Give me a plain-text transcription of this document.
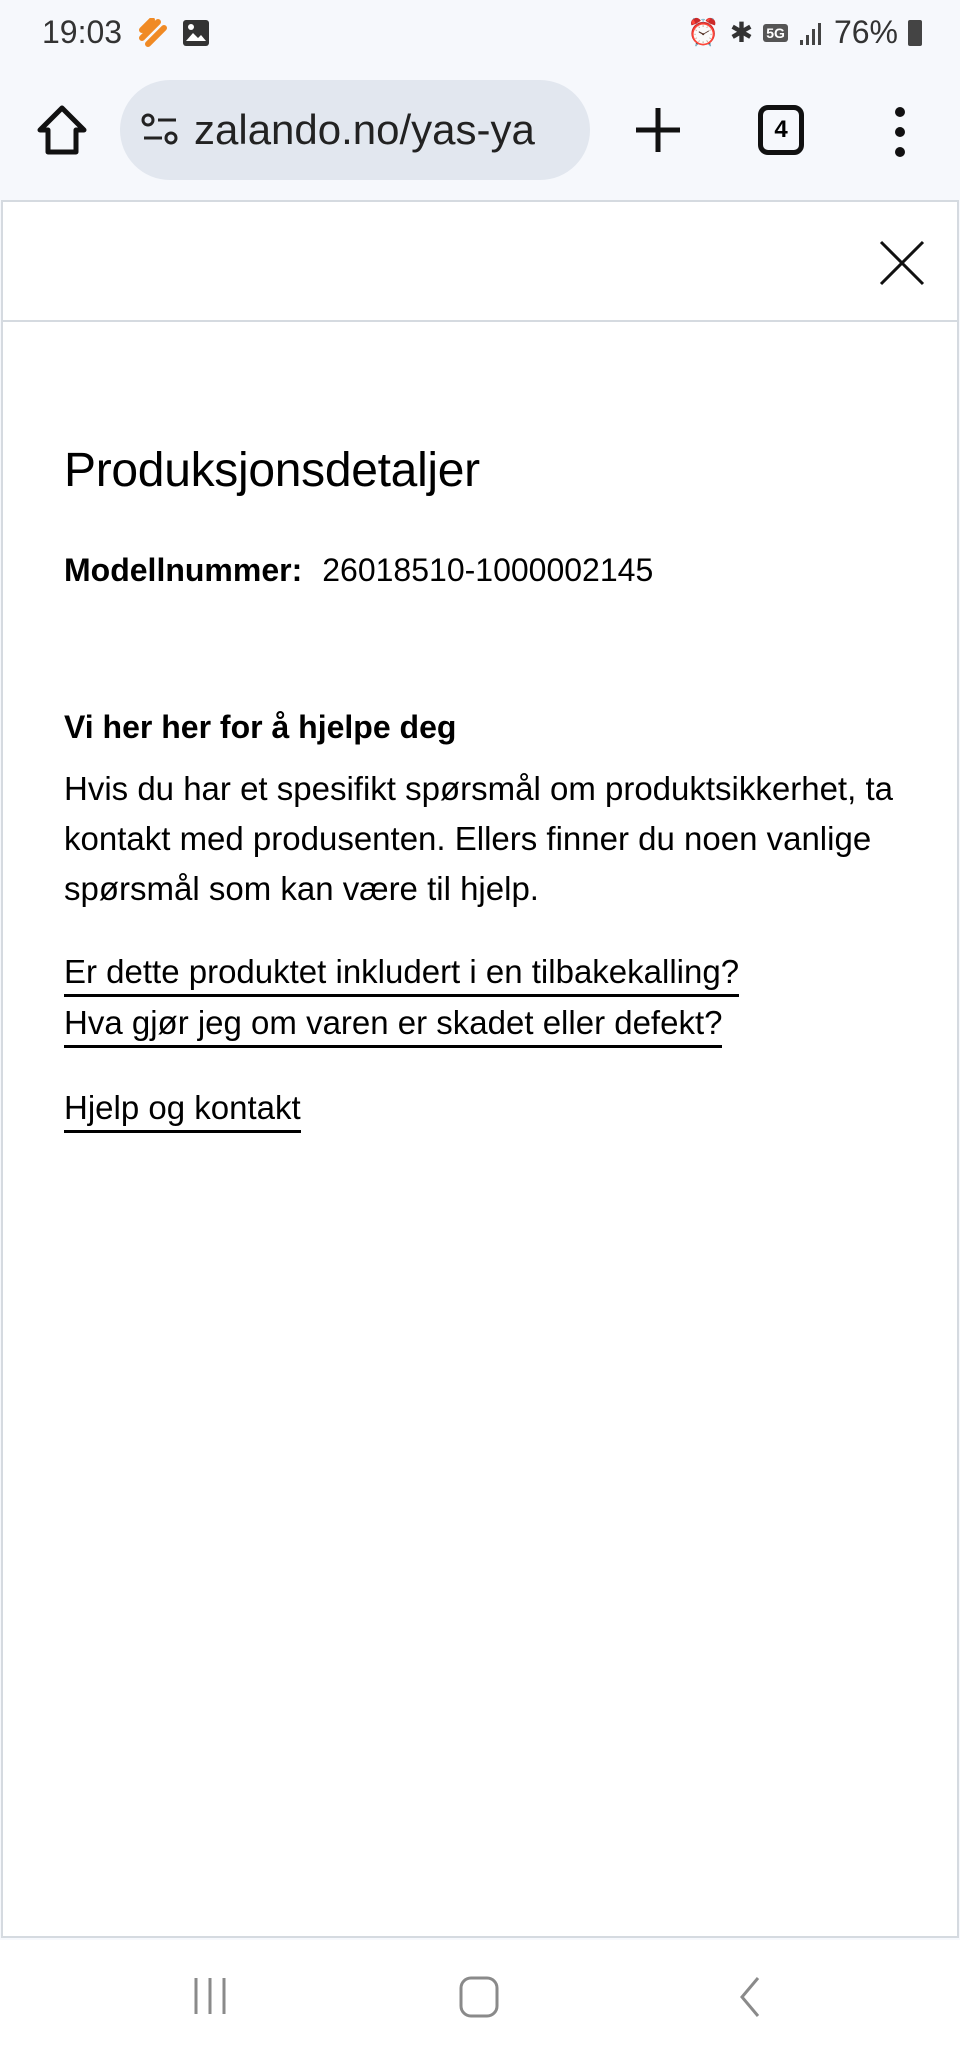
19:03	⏰ ✱ 5G 76%
zalando.no/yas-ya	4
Produksjonsdetaljer
Modellnummer: 26018510-1000002145
Vi her her for å hjelpe deg

Hvis du har et spesifikt spørsmål om produktsikkerhet, ta kontakt med produsenten. Ellers finner du noen vanlige spørsmål som kan være til hjelp.

Er dette produktet inkludert i en tilbakekalling?
Hva gjør jeg om varen er skadet eller defekt?
Hjelp og kontakt
